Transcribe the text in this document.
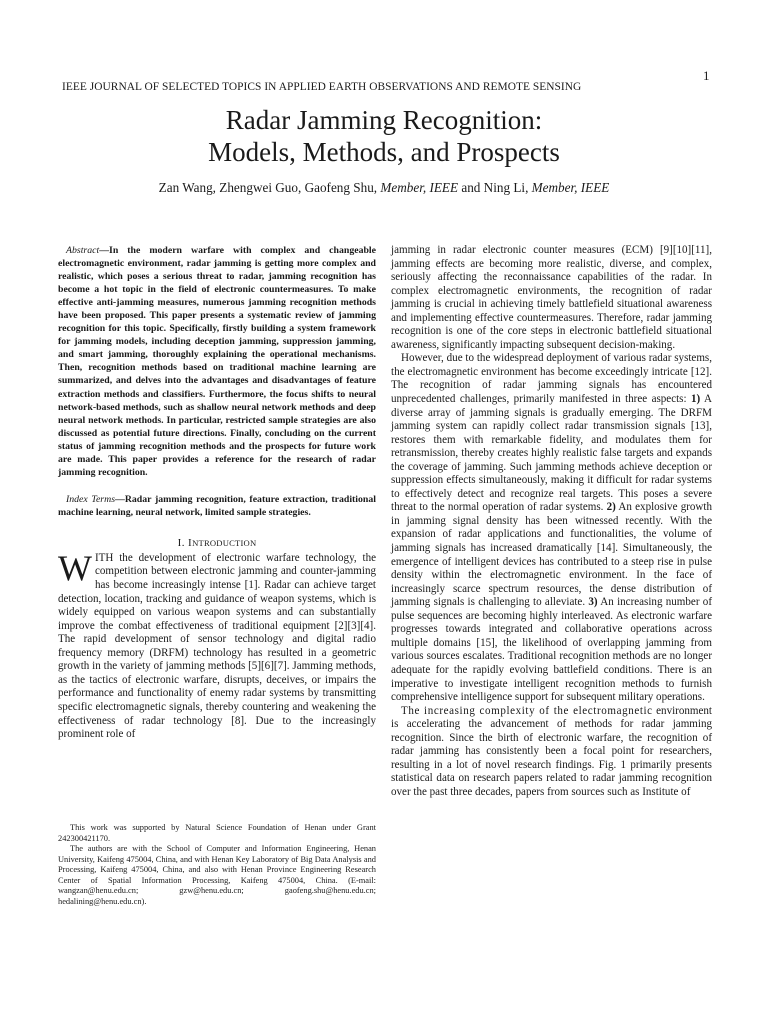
1
IEEE JOURNAL OF SELECTED TOPICS IN APPLIED EARTH OBSERVATIONS AND REMOTE SENSING
Radar Jamming Recognition:
Models, Methods, and Prospects
Zan Wang, Zhengwei Guo, Gaofeng Shu, Member, IEEE and Ning Li, Member, IEEE

Abstract—In the modern warfare with complex and changeable electromagnetic environment, radar jamming is getting more complex and realistic, which poses a serious threat to radar, jamming recognition has become a hot topic in the field of electronic countermeasures. To make effective anti-jamming measures, numerous jamming recognition methods have been proposed. This paper presents a systematic review of jamming recognition for this topic. Specifically, firstly building a system framework for jamming models, including deception jamming, suppression jamming, and smart jamming, thoroughly explaining the operational mechanisms. Then, recognition methods based on traditional machine learning are summarized, and delves into the advantages and disadvantages of feature extraction methods and classifiers. Furthermore, the focus shifts to neural network-based methods, such as shallow neural network methods and deep neural network methods. In particular, restricted sample strategies are also discussed as potential future directions. Finally, concluding on the current status of jamming recognition methods and the prospects for future work are made. This paper provides a reference for the research of radar jamming recognition.

Index Terms—Radar jamming recognition, feature extraction, traditional machine learning, neural network, limited sample strategies.

I. INTRODUCTION

WITH the development of electronic warfare technology, the competition between electronic jamming and counter-jamming has become increasingly intense [1]. Radar can achieve target detection, location, tracking and guidance of weapon systems, which is widely equipped on various weapon systems and can substantially improve the combat effectiveness of traditional equipment [2][3][4]. The rapid development of sensor technology and digital radio frequency memory (DRFM) technology has resulted in a geometric growth in the variety of jamming methods [5][6][7]. Jamming methods, as the tactics of electronic warfare, disrupts, deceives, or impairs the performance and functionality of enemy radar systems by transmitting specific electromagnetic signals, thereby countering and weakening the effectiveness of radar technology [8]. Due to the increasingly prominent role of

This work was supported by Natural Science Foundation of Henan under Grant 242300421170.

The authors are with the School of Computer and Information Engineering, Henan University, Kaifeng 475004, China, and with Henan Key Laboratory of Big Data Analysis and Processing, Kaifeng 475004, China, and also with Henan Province Engineering Research Center of Spatial Information Processing, Kaifeng 475004, China. (E-mail: wangzan@henu.edu.cn; gzw@henu.edu.cn; gaofeng.shu@henu.edu.cn; hedalining@henu.edu.cn).

jamming in radar electronic counter measures (ECM) [9][10][11], jamming effects are becoming more realistic, diverse, and complex, seriously affecting the reconnaissance capabilities of the radar. In complex electromagnetic environments, the recognition of radar jamming is crucial in achieving timely battlefield situational awareness and implementing effective countermeasures. Therefore, radar jamming recognition is one of the core steps in electronic battlefield situational awareness, significantly impacting subsequent decision-making.

However, due to the widespread deployment of various radar systems, the electromagnetic environment has become exceedingly intricate [12]. The recognition of radar jamming signals has encountered unprecedented challenges, primarily manifested in three aspects: 1) A diverse array of jamming signals is gradually emerging. The DRFM jamming system can rapidly collect radar transmission signals [13], restores them with remarkable fidelity, and modulates them for retransmission, thereby creates highly realistic false targets and expands the coverage of jamming. Such jamming methods achieve deception or suppression effects simultaneously, making it difficult for radar systems to effectively detect and recognize real targets. This poses a severe threat to the normal operation of radar systems. 2) An explosive growth in jamming signal density has been witnessed recently. With the expansion of radar applications and functionalities, the volume of jamming signals has increased dramatically [14]. Simultaneously, the emergence of intelligent devices has contributed to a steep rise in pulse density within the electromagnetic environment. In the face of increasingly scarce spectrum resources, the dense distribution of jamming signals is challenging to alleviate. 3) An increasing number of pulse sequences are becoming highly interleaved. As electronic warfare progresses towards integrated and collaborative operations across multiple domains [15], the likelihood of overlapping jamming from various sources escalates. Traditional recognition methods are no longer adequate for the rapidly evolving battlefield conditions. There is an imperative to investigate intelligent recognition methods to furnish comprehensive intelligence support for subsequent military operations.

The increasing complexity of the electromagnetic environment is accelerating the advancement of methods for radar jamming recognition. Since the birth of electronic warfare, the recognition of radar jamming has consistently been a focal point for researchers, resulting in a lot of novel research findings. Fig. 1 primarily presents statistical data on research papers related to radar jamming recognition over the past three decades, papers from sources such as Institute of
